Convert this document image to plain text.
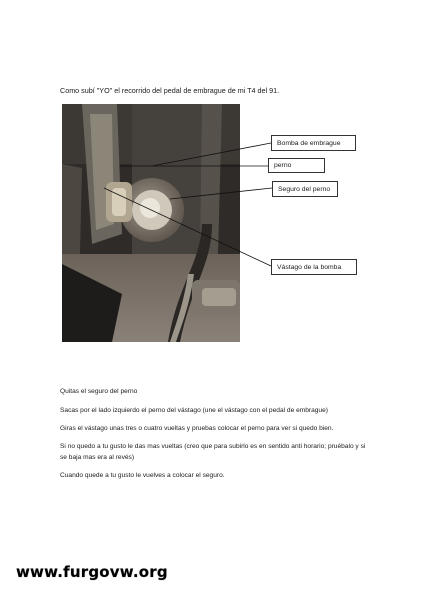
Como subí "YO" el recorrido del pedal de embrague de mi T4 del 91.
Bomba de embrague
perno
Seguro del perno
Vástago de la bomba
Quitas el seguro del perno
Sacas por el lado izquierdo el perno del vástago (une el vástago con el pedal de embrague)
Giras el vástago unas tres o cuatro vueltas y pruebas colocar el perno para ver si quedo bien.
Si no quedo a tu gusto le das mas vueltas (creo que para subirlo es en sentido anti horario; pruébalo y si se baja mas era al revés)
Cuando quede a tu gusto le vuelves a colocar el seguro.
www.furgovw.org
